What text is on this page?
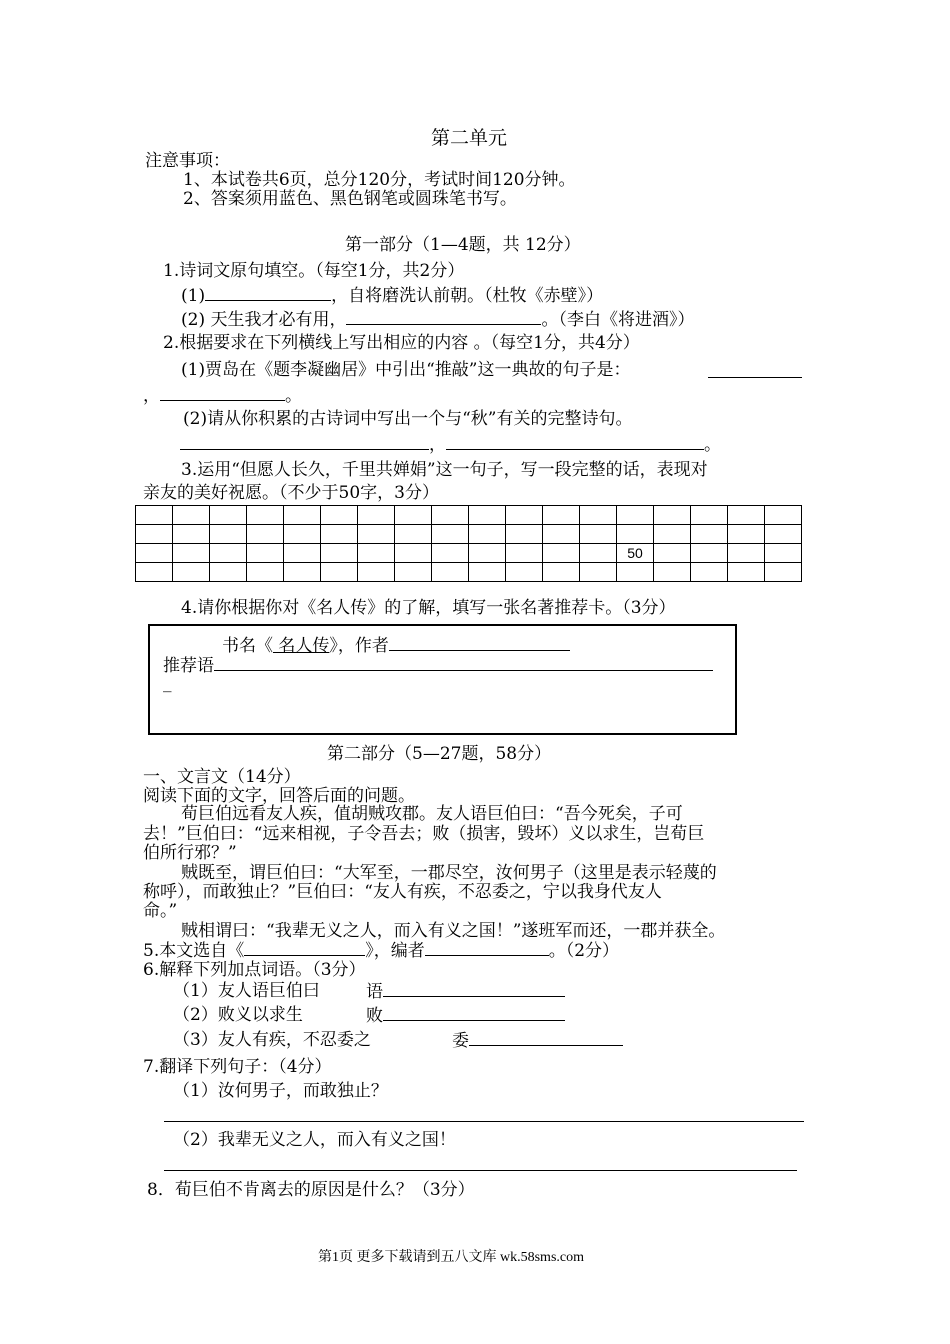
第二单元
注意事项：
1、本试卷共6页，总分120分，考试时间120分钟。
2、答案须用蓝色、黑色钢笔或圆珠笔书写。
第一部分（1—4题，共 12分）
1.诗词文原句填空。（每空1分，共2分）
(1)	，自将磨洗认前朝。（杜牧《赤壁》）
(2) 天生我才必有用，	。（李白《将进酒》）
2.根据要求在下列横线上写出相应的内容 。（每空1分，共4分）
(1)贾岛在《题李凝幽居》中引出“推敲”这一典故的句子是：
，	。
(2)请从你积累的古诗词中写出一个与“秋”有关的完整诗句。
，	。
3.运用“但愿人长久，千里共婵娟”这一句子，写一段完整的话，表现对
亲友的美好祝愿。（不少于50字，3分）

													50				

4.请你根据你对《名人传》的了解，填写一张名著推荐卡。（3分）
书名《 名人传》，作者
推荐语
_
第二部分（5—27题，58分）
一、文言文（14分）
阅读下面的文字，回答后面的问题。
荀巨伯远看友人疾，值胡贼攻郡。友人语巨伯曰：“吾今死矣，子可
去！”巨伯曰：“远来相视，子令吾去；败（损害，毁坏）义以求生，岂荀巨
伯所行邪？”
贼既至，谓巨伯曰：“大军至，一郡尽空，汝何男子（这里是表示轻蔑的
称呼），而敢独止？”巨伯曰：“友人有疾，不忍委之，宁以我身代友人
命。”
贼相谓曰：“我辈无义之人，而入有义之国！”遂班军而还，一郡并获全。
5.本文选自《	》，编者	。（2分）
6.解释下列加点词语。（3分）
（1）友人语巨伯曰	语
（2）败义以求生	败
（3）友人有疾，不忍委之	委
7.翻译下列句子：（4分）
（1）汝何男子，而敢独止？
（2）我辈无义之人，而入有义之国！
8．荀巨伯不肯离去的原因是什么？（3分）
第1页 更多下载请到五八文库 wk.58sms.com
